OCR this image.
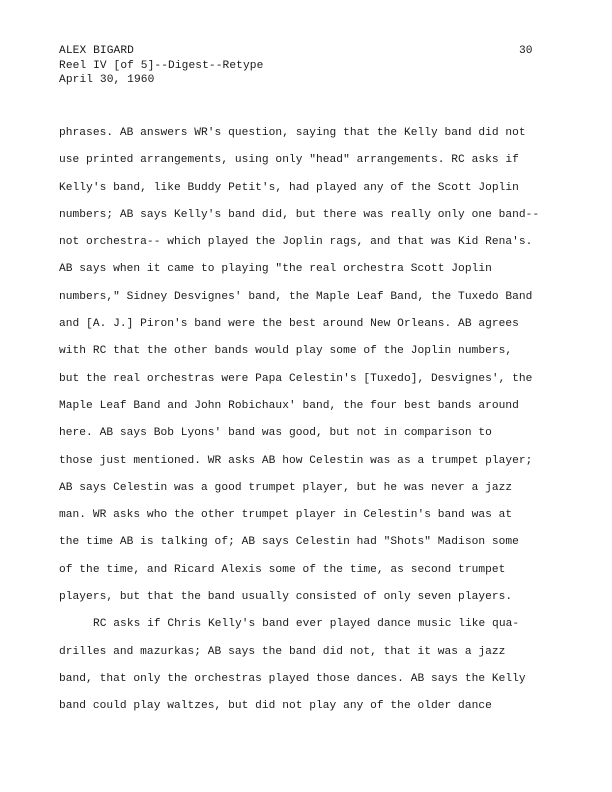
ALEX BIGARD
Reel IV [of 5]--Digest--Retype
April 30, 1960
30
phrases. AB answers WR's question, saying that the Kelly band did not
use printed arrangements, using only "head" arrangements. RC asks if
Kelly's band, like Buddy Petit's, had played any of the Scott Joplin
numbers; AB says Kelly's band did, but there was really only one band--
not orchestra-- which played the Joplin rags, and that was Kid Rena's.
AB says when it came to playing "the real orchestra Scott Joplin
numbers," Sidney Desvignes' band, the Maple Leaf Band, the Tuxedo Band
and [A. J.] Piron's band were the best around New Orleans. AB agrees
with RC that the other bands would play some of the Joplin numbers,
but the real orchestras were Papa Celestin's [Tuxedo], Desvignes', the
Maple Leaf Band and John Robichaux' band, the four best bands around
here. AB says Bob Lyons' band was good, but not in comparison to
those just mentioned. WR asks AB how Celestin was as a trumpet player;
AB says Celestin was a good trumpet player, but he was never a jazz
man. WR asks who the other trumpet player in Celestin's band was at
the time AB is talking of; AB says Celestin had "Shots" Madison some
of the time, and Ricard Alexis some of the time, as second trumpet
players, but that the band usually consisted of only seven players.
RC asks if Chris Kelly's band ever played dance music like qua-
drilles and mazurkas; AB says the band did not, that it was a jazz
band, that only the orchestras played those dances. AB says the Kelly
band could play waltzes, but did not play any of the older dance
